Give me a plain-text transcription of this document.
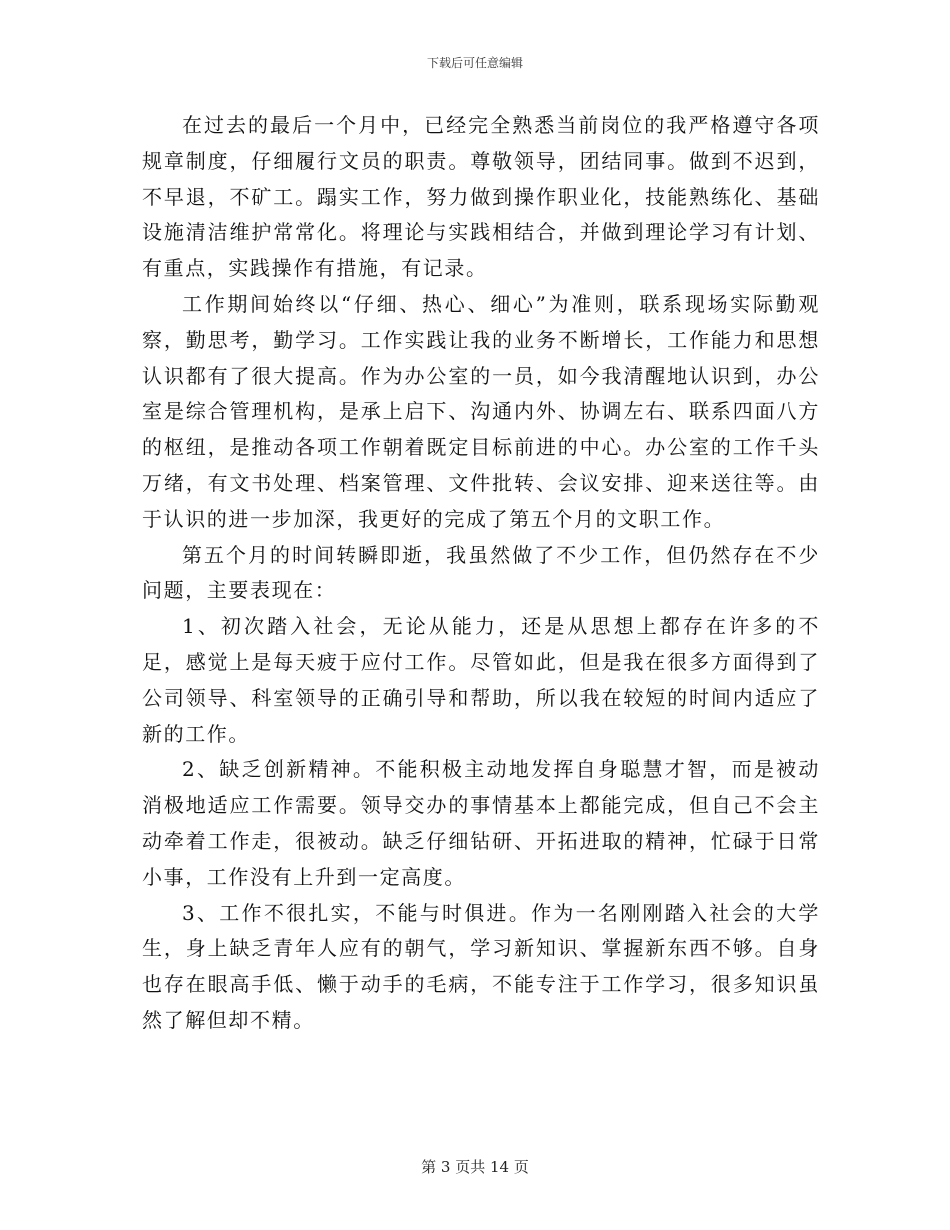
下载后可任意编辑

在过去的最后一个月中，已经完全熟悉当前岗位的我严格遵守各项规章制度，仔细履行文员的职责。尊敬领导，团结同事。做到不迟到，不早退，不矿工。蹋实工作，努力做到操作职业化，技能熟练化、基础设施清洁维护常常化。将理论与实践相结合，并做到理论学习有计划、有重点，实践操作有措施，有记录。

工作期间始终以“仔细、热心、细心”为准则，联系现场实际勤观察，勤思考，勤学习。工作实践让我的业务不断增长，工作能力和思想认识都有了很大提高。作为办公室的一员，如今我清醒地认识到，办公室是综合管理机构，是承上启下、沟通内外、协调左右、联系四面八方的枢纽，是推动各项工作朝着既定目标前进的中心。办公室的工作千头万绪，有文书处理、档案管理、文件批转、会议安排、迎来送往等。由于认识的进一步加深，我更好的完成了第五个月的文职工作。

第五个月的时间转瞬即逝，我虽然做了不少工作，但仍然存在不少问题，主要表现在：

1、初次踏入社会，无论从能力，还是从思想上都存在许多的不足，感觉上是每天疲于应付工作。尽管如此，但是我在很多方面得到了公司领导、科室领导的正确引导和帮助，所以我在较短的时间内适应了新的工作。

2、缺乏创新精神。不能积极主动地发挥自身聪慧才智，而是被动消极地适应工作需要。领导交办的事情基本上都能完成，但自己不会主动牵着工作走，很被动。缺乏仔细钻研、开拓进取的精神，忙碌于日常小事，工作没有上升到一定高度。

3、工作不很扎实，不能与时俱进。作为一名刚刚踏入社会的大学生，身上缺乏青年人应有的朝气，学习新知识、掌握新东西不够。自身也存在眼高手低、懒于动手的毛病，不能专注于工作学习，很多知识虽然了解但却不精。

第 3 页共 14 页
